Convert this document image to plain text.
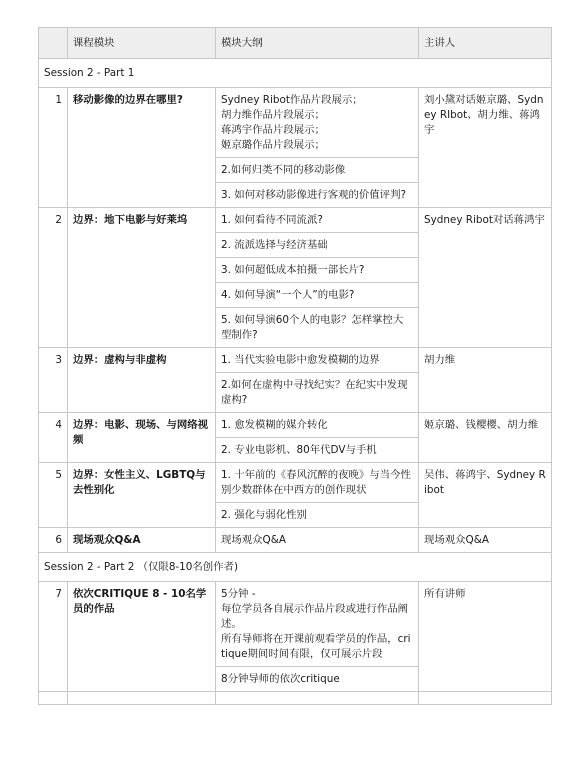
	课程模块	模块大纲	主讲人
Session 2 - Part 1			
1	移动影像的边界在哪里?	Sydney Ribot作品片段展示；
胡力维作品片段展示；
蒋鸿宇作品片段展示；
姬京璐作品片段展示；	刘小黛对话姬京璐、Sydney RIbot、胡力维、蒋鸿宇
		2.如何归类不同的移动影像	
		3. 如何对移动影像进行客观的价值评判?	
2	边界：地下电影与好莱坞	1. 如何看待不同流派?	Sydney Ribot对话蒋鸿宇
		2. 流派选择与经济基础	
		3. 如何超低成本拍摄一部长片?	
		4. 如何导演“一个人”的电影?	
		5. 如何导演60个人的电影？怎样掌控大型制作?	
3	边界：虚构与非虚构	1. 当代实验电影中愈发模糊的边界	胡力维
		2.如何在虚构中寻找纪实？在纪实中发现虚构?	
4	边界：电影、现场、与网络视频	1. 愈发模糊的媒介转化	姬京璐、钱樱樱、胡力维
		2. 专业电影机、80年代DV与手机	
5	边界：女性主义、LGBTQ与去性别化	1. 十年前的《春风沉醉的夜晚》与当今性别少数群体在中西方的创作现状	吴伟、蒋鸿宇、Sydney Ribot
		2. 强化与弱化性别	
6	现场观众Q&A	现场观众Q&A	现场观众Q&A
Session 2 - Part 2 （仅限8-10名创作者)			
7	依次CRITIQUE 8 - 10名学员的作品	5分钟 -
每位学员各自展示作品片段或进行作品阐述。
所有导师将在开课前观看学员的作品，critique期间时间有限，仅可展示片段	所有讲师
		8分钟导师的依次critique	
